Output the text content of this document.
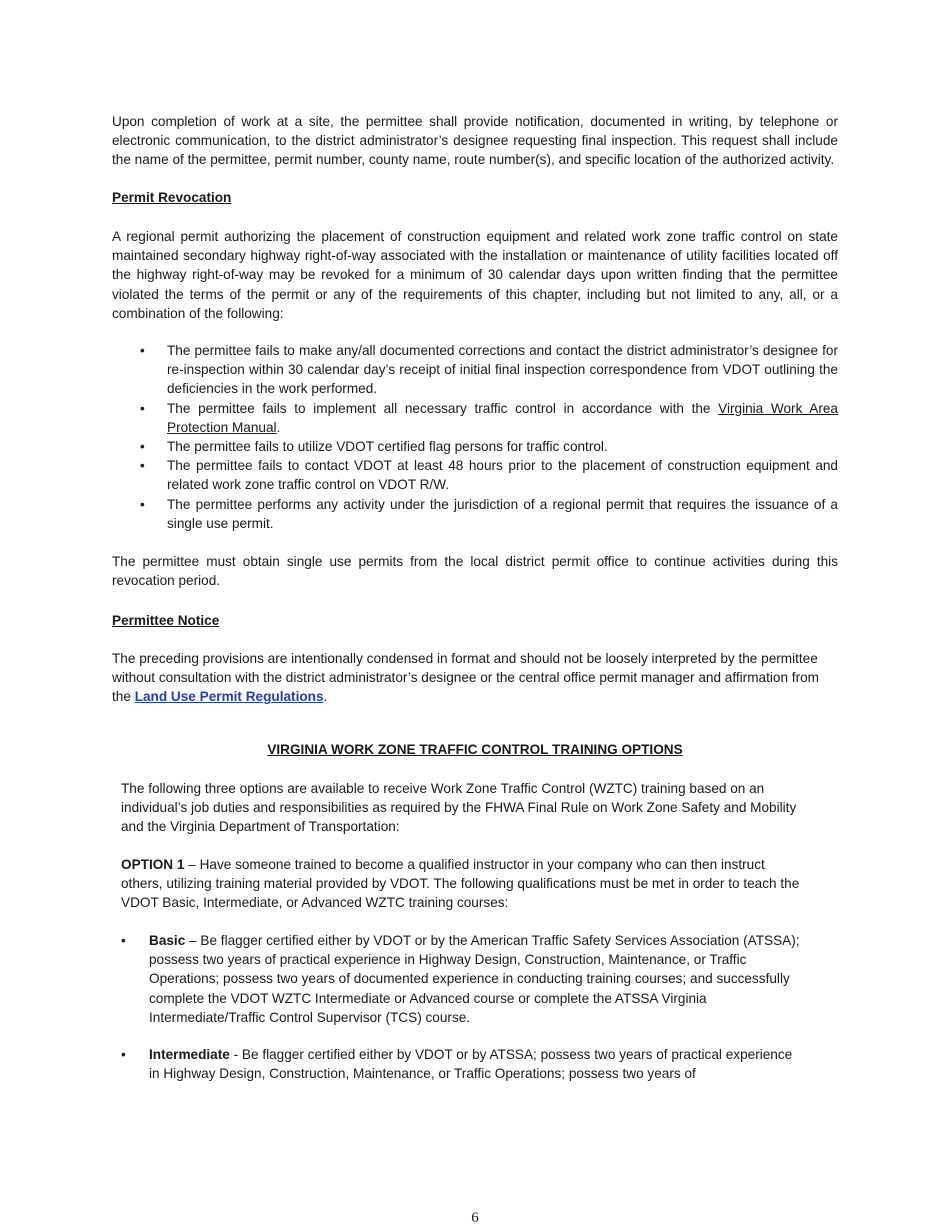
Upon completion of work at a site, the permittee shall provide notification, documented in writing, by telephone or electronic communication, to the district administrator’s designee requesting final inspection. This request shall include the name of the permittee, permit number, county name, route number(s), and specific location of the authorized activity.

Permit Revocation

A regional permit authorizing the placement of construction equipment and related work zone traffic control on state maintained secondary highway right-of-way associated with the installation or maintenance of utility facilities located off the highway right-of-way may be revoked for a minimum of 30 calendar days upon written finding that the permittee violated the terms of the permit or any of the requirements of this chapter, including but not limited to any, all, or a combination of the following:

• The permittee fails to make any/all documented corrections and contact the district administrator’s designee for re-inspection within 30 calendar day’s receipt of initial final inspection correspondence from VDOT outlining the deficiencies in the work performed.
• The permittee fails to implement all necessary traffic control in accordance with the Virginia Work Area Protection Manual.
• The permittee fails to utilize VDOT certified flag persons for traffic control.
• The permittee fails to contact VDOT at least 48 hours prior to the placement of construction equipment and related work zone traffic control on VDOT R/W.
• The permittee performs any activity under the jurisdiction of a regional permit that requires the issuance of a single use permit.

The permittee must obtain single use permits from the local district permit office to continue activities during this revocation period.

Permittee Notice

The preceding provisions are intentionally condensed in format and should not be loosely interpreted by the permittee without consultation with the district administrator’s designee or the central office permit manager and affirmation from the Land Use Permit Regulations.

VIRGINIA WORK ZONE TRAFFIC CONTROL TRAINING OPTIONS

The following three options are available to receive Work Zone Traffic Control (WZTC) training based on an individual’s job duties and responsibilities as required by the FHWA Final Rule on Work Zone Safety and Mobility and the Virginia Department of Transportation:

OPTION 1 – Have someone trained to become a qualified instructor in your company who can then instruct others, utilizing training material provided by VDOT. The following qualifications must be met in order to teach the VDOT Basic, Intermediate, or Advanced WZTC training courses:

• Basic – Be flagger certified either by VDOT or by the American Traffic Safety Services Association (ATSSA); possess two years of practical experience in Highway Design, Construction, Maintenance, or Traffic Operations; possess two years of documented experience in conducting training courses; and successfully complete the VDOT WZTC Intermediate or Advanced course or complete the ATSSA Virginia Intermediate/Traffic Control Supervisor (TCS) course.
• Intermediate - Be flagger certified either by VDOT or by ATSSA; possess two years of practical experience in Highway Design, Construction, Maintenance, or Traffic Operations; possess two years of
6
